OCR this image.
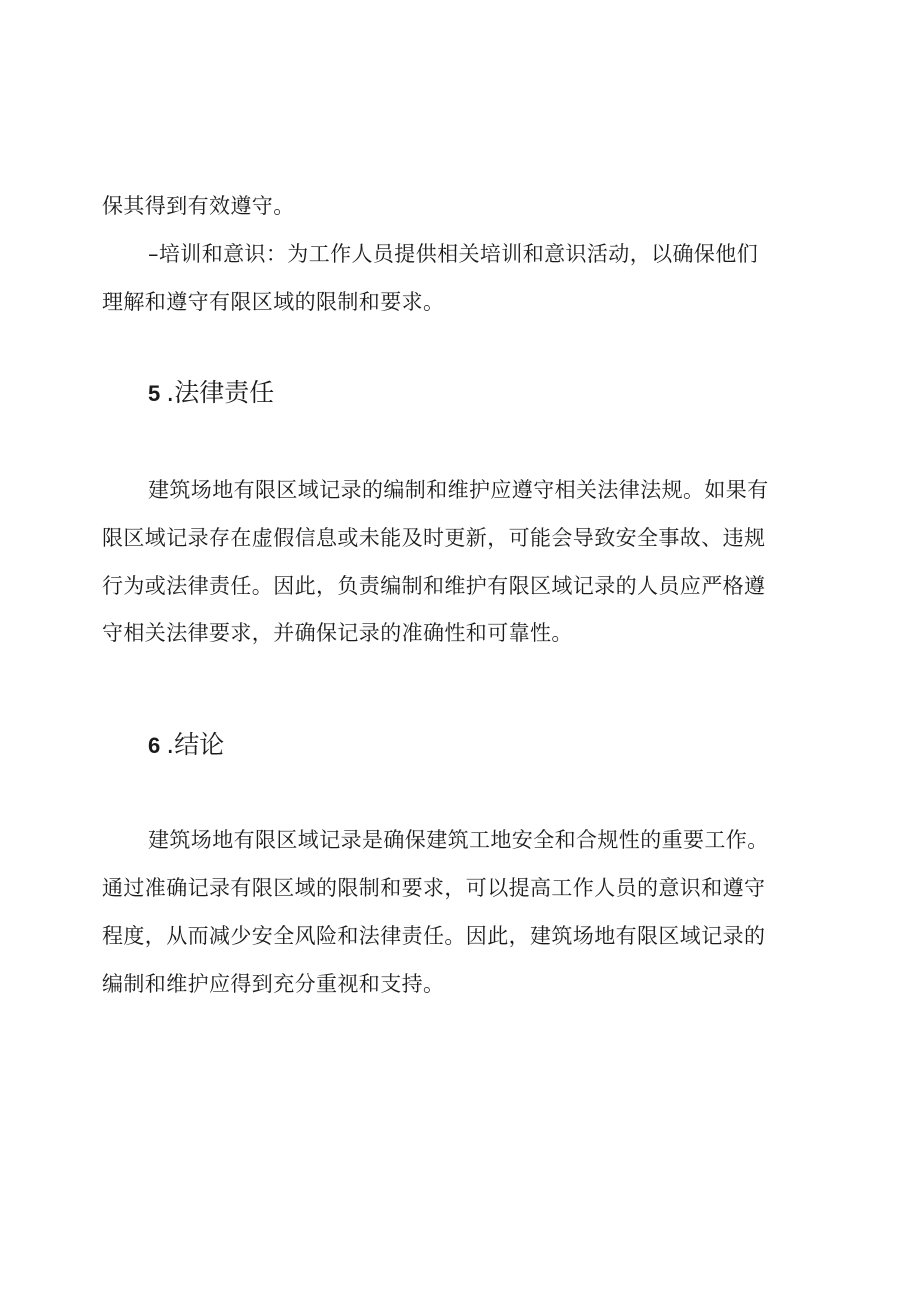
保其得到有效遵守。
–培训和意识：为工作人员提供相关培训和意识活动，以确保他们
理解和遵守有限区域的限制和要求。
5 .法律责任
建筑场地有限区域记录的编制和维护应遵守相关法律法规。如果有
限区域记录存在虚假信息或未能及时更新，可能会导致安全事故、违规
行为或法律责任。因此，负责编制和维护有限区域记录的人员应严格遵
守相关法律要求，并确保记录的准确性和可靠性。
6 .结论
建筑场地有限区域记录是确保建筑工地安全和合规性的重要工作。
通过准确记录有限区域的限制和要求，可以提高工作人员的意识和遵守
程度，从而减少安全风险和法律责任。因此，建筑场地有限区域记录的
编制和维护应得到充分重视和支持。
